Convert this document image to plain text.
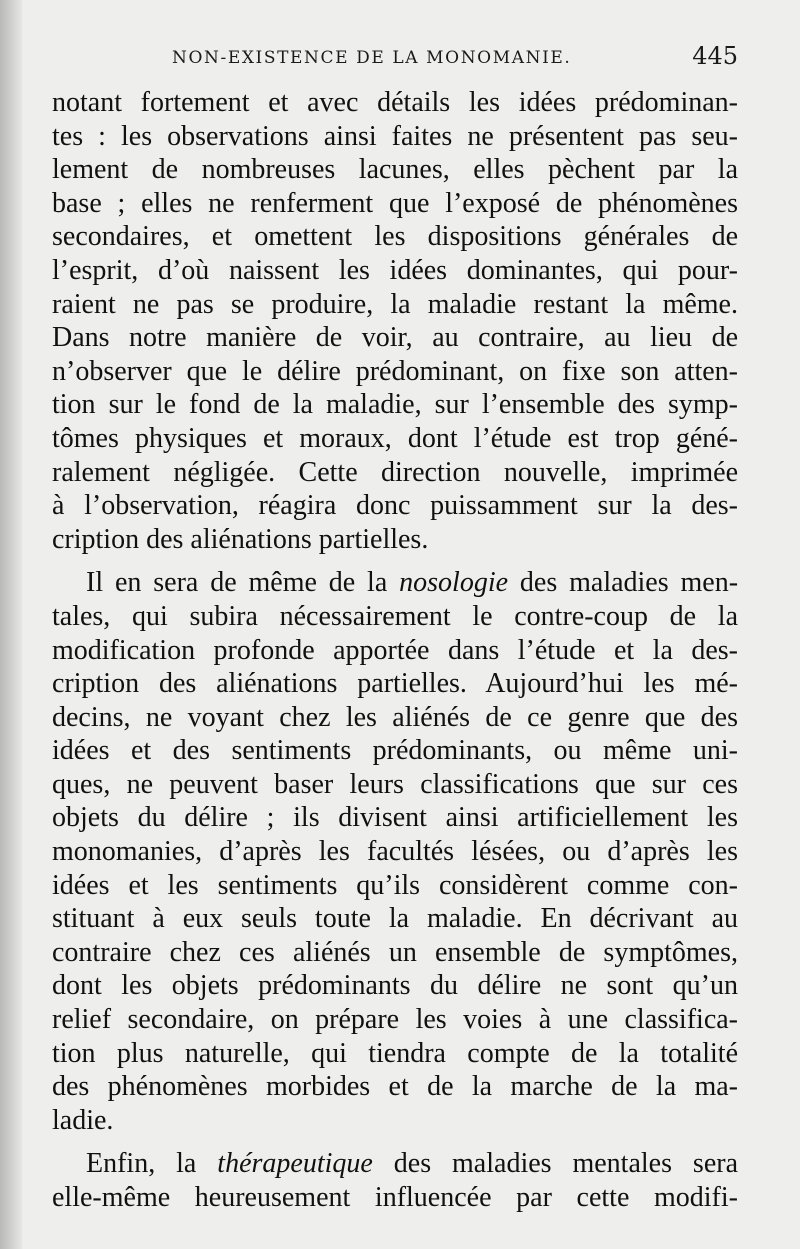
NON-EXISTENCE DE LA MONOMANIE.	445
notant fortement et avec détails les idées prédominan-
tes : les observations ainsi faites ne présentent pas seu-
lement de nombreuses lacunes, elles pèchent par la
base ; elles ne renferment que l’exposé de phénomènes
secondaires, et omettent les dispositions générales de
l’esprit, d’où naissent les idées dominantes, qui pour-
raient ne pas se produire, la maladie restant la même.
Dans notre manière de voir, au contraire, au lieu de
n’observer que le délire prédominant, on fixe son atten-
tion sur le fond de la maladie, sur l’ensemble des symp-
tômes physiques et moraux, dont l’étude est trop géné-
ralement négligée. Cette direction nouvelle, imprimée
à l’observation, réagira donc puissamment sur la des-
cription des aliénations partielles.
Il en sera de même de la nosologie des maladies men-
tales, qui subira nécessairement le contre-coup de la
modification profonde apportée dans l’étude et la des-
cription des aliénations partielles. Aujourd’hui les mé-
decins, ne voyant chez les aliénés de ce genre que des
idées et des sentiments prédominants, ou même uni-
ques, ne peuvent baser leurs classifications que sur ces
objets du délire ; ils divisent ainsi artificiellement les
monomanies, d’après les facultés lésées, ou d’après les
idées et les sentiments qu’ils considèrent comme con-
stituant à eux seuls toute la maladie. En décrivant au
contraire chez ces aliénés un ensemble de symptômes,
dont les objets prédominants du délire ne sont qu’un
relief secondaire, on prépare les voies à une classifica-
tion plus naturelle, qui tiendra compte de la totalité
des phénomènes morbides et de la marche de la ma-
ladie.
Enfin, la thérapeutique des maladies mentales sera
elle-même heureusement influencée par cette modifi-
